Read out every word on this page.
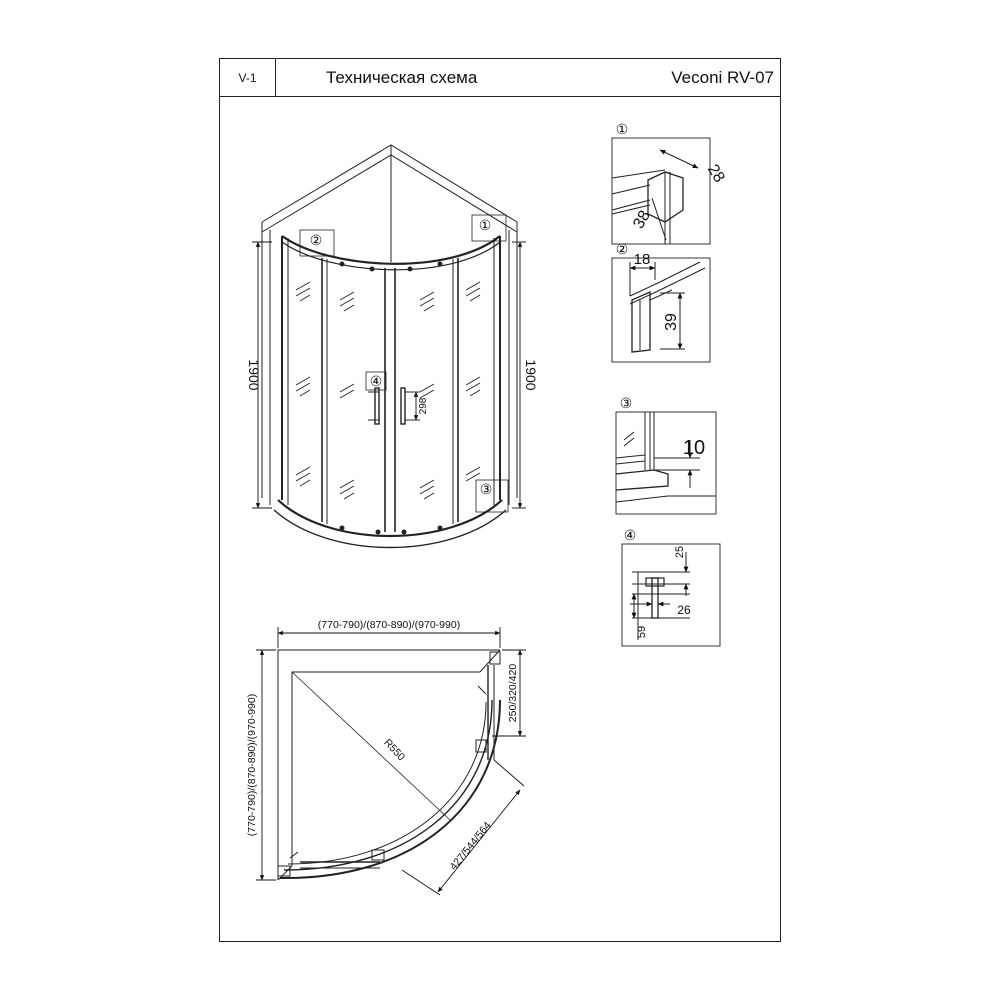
V-1	Техническая схема	Veconi RV-07
1900	1900
298
②
①
④
③
①
28
38
②
18
39
③
10
④
25
26
59
(770-790)/(870-890)/(970-990)
(770-790)/(870-890)/(970-990)
250/320/420
R550
427/544/564
